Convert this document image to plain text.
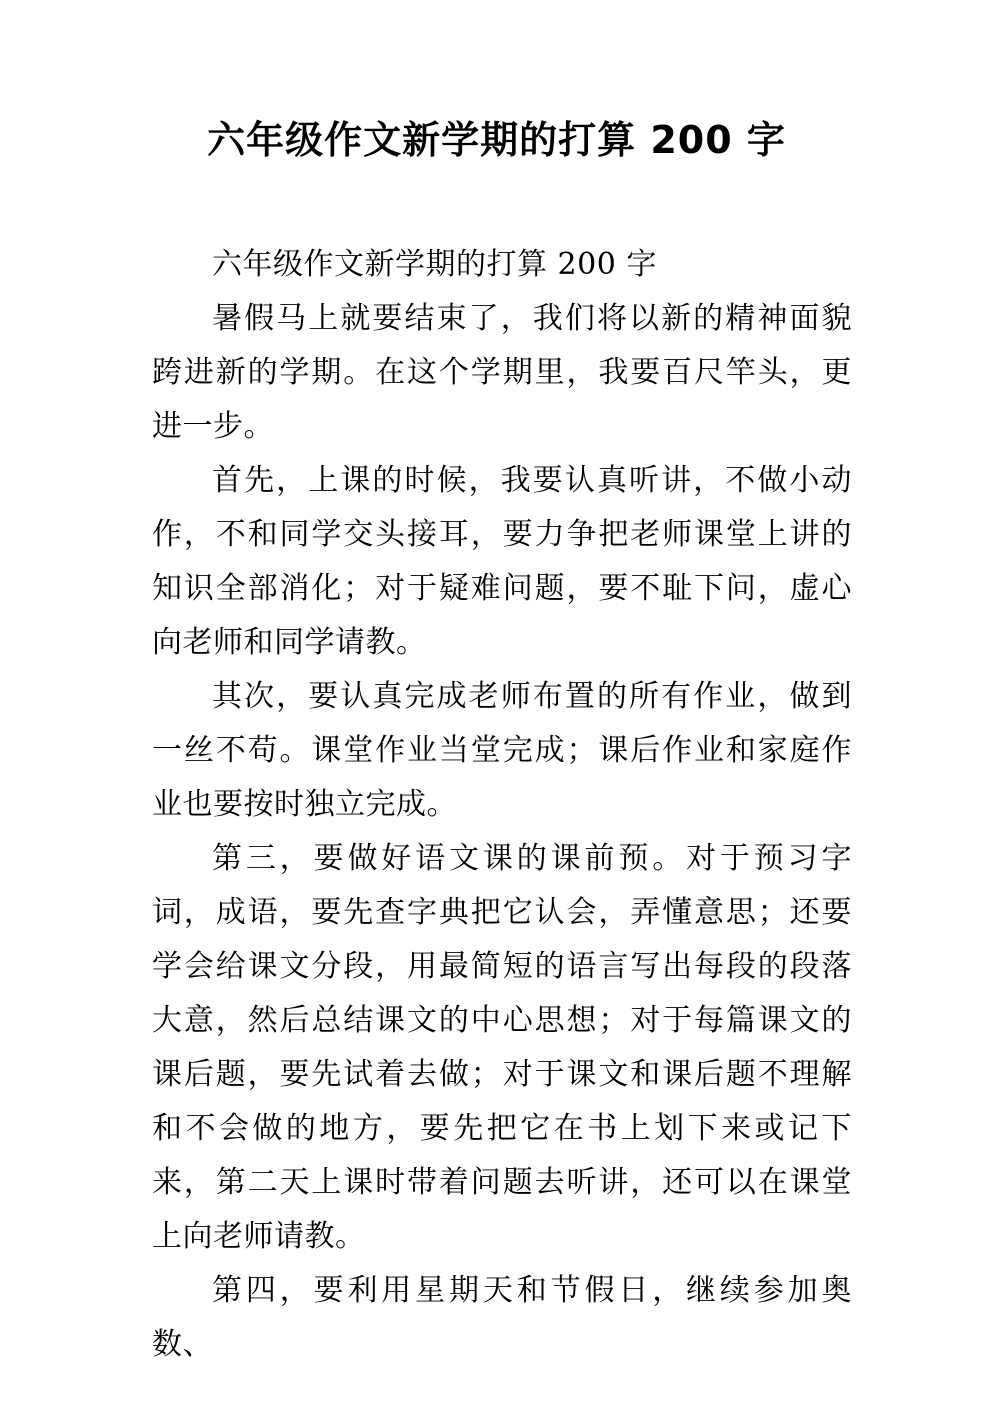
六年级作文新学期的打算 200 字

六年级作文新学期的打算 200 字

暑假马上就要结束了，我们将以新的精神面貌跨进新的学期。在这个学期里，我要百尺竿头，更进一步。

首先，上课的时候，我要认真听讲，不做小动作，不和同学交头接耳，要力争把老师课堂上讲的知识全部消化；对于疑难问题，要不耻下问，虚心向老师和同学请教。

其次，要认真完成老师布置的所有作业，做到一丝不苟。课堂作业当堂完成；课后作业和家庭作业也要按时独立完成。

第三，要做好语文课的课前预。对于预习字词，成语，要先查字典把它认会，弄懂意思；还要学会给课文分段，用最简短的语言写出每段的段落大意，然后总结课文的中心思想；对于每篇课文的课后题，要先试着去做；对于课文和课后题不理解和不会做的地方，要先把它在书上划下来或记下来，第二天上课时带着问题去听讲，还可以在课堂上向老师请教。

第四，要利用星期天和节假日，继续参加奥数、
